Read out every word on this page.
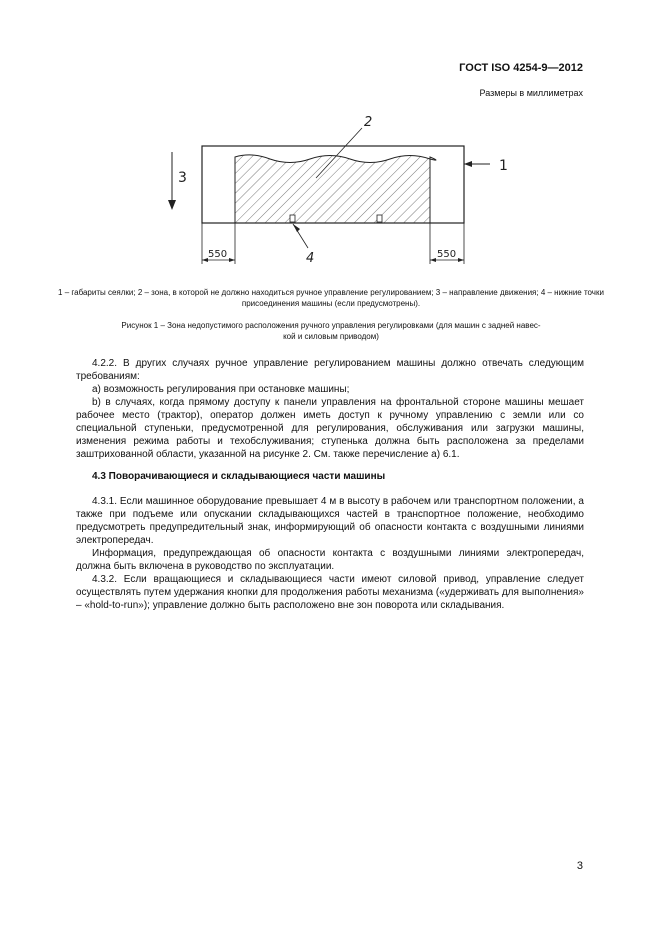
ГОСТ ISO 4254-9—2012
Размеры в миллиметрах
3
1
2
4
550	550
1 – габариты сеялки; 2 – зона, в которой не должно находиться ручное управление регулированием; 3 – направление движения; 4 – нижние точки присоединения машины (если предусмотрены).
Рисунок 1 – Зона недопустимого расположения ручного управления регулировками (для машин с задней навес-
кой и силовым приводом)
4.2.2. В других случаях ручное управление регулированием машины должно отвечать следующим требованиям:
а) возможность регулирования при остановке машины;
b) в случаях, когда прямому доступу к панели управления на фронтальной стороне машины мешает рабочее место (трактор), оператор должен иметь доступ к ручному управлению с земли или со специальной ступеньки, предусмотренной для регулирования, обслуживания или загрузки машины, изменения режима работы и техобслуживания; ступенька должна быть расположена за пределами заштрихованной области, указанной на рисунке 2. См. также перечисление а) 6.1.
4.3 Поворачивающиеся и складывающиеся части машины
4.3.1. Если машинное оборудование превышает 4 м в высоту в рабочем или транспортном положении, а также при подъеме или опускании складывающихся частей в транспортное положение, необходимо предусмотреть предупредительный знак, информирующий об опасности контакта с воздушными линиями электропередач.
Информация, предупреждающая об опасности контакта с воздушными линиями электропередач, должна быть включена в руководство по эксплуатации.
4.3.2. Если вращающиеся и складывающиеся части имеют силовой привод, управление следует осуществлять путем удержания кнопки для продолжения работы механизма («удерживать для выполнения» – «hold-to-run»); управление должно быть расположено вне зон поворота или складывания.
3
